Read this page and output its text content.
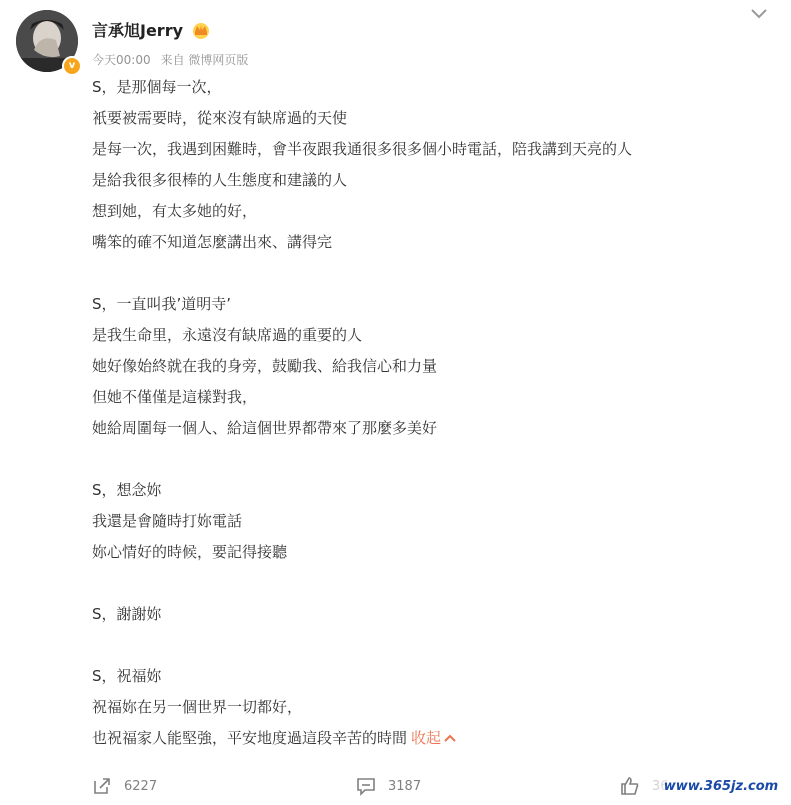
v
言承旭Jerry
今天00:00 来自 微博网页版
S，是那個每一次，
衹要被需要時，從來沒有缺席過的天使
是每一次，我遇到困難時，會半夜跟我通很多很多個小時電話，陪我講到天亮的人
是給我很多很棒的人生態度和建議的人
想到她，有太多她的好，
嘴笨的確不知道怎麼講出來、講得完
S，一直叫我’道明寺’
是我生命里，永遠沒有缺席過的重要的人
她好像始終就在我的身旁，鼓勵我、給我信心和力量
但她不僅僅是這樣對我，
她給周圍每一個人、給這個世界都帶來了那麼多美好
S，想念妳
我還是會隨時打妳電話
妳心情好的時候，要記得接聽
S，謝謝妳
S，祝福妳
祝福妳在另一個世界一切都好，
也祝福家人能堅強，平安地度過這段辛苦的時間 收起
6227	3187	www.365jz.com
